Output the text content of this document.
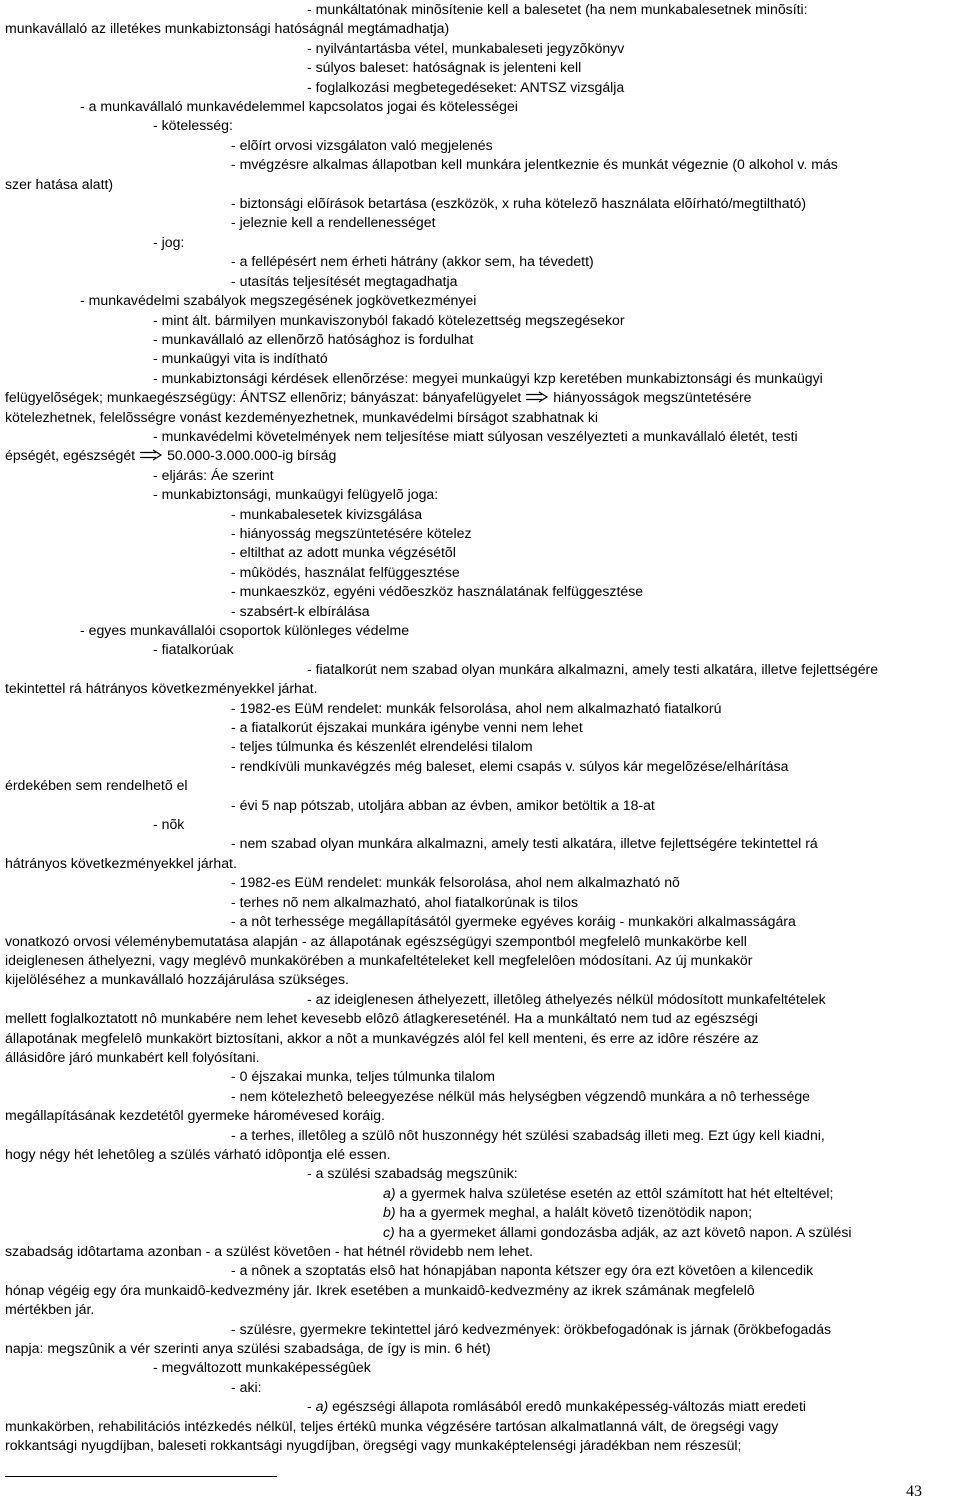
- munkáltatónak minõsítenie kell a balesetet (ha nem munkabalesetnek minõsíti:
munkavállaló az illetékes munkabiztonsági hatóságnál megtámadhatja)
- nyilvántartásba vétel, munkabaleseti jegyzõkönyv
- súlyos baleset: hatóságnak is jelenteni kell
- foglalkozási megbetegedéseket: ANTSZ vizsgálja
- a munkavállaló munkavédelemmel kapcsolatos jogai és kötelességei
- kötelesség:
- elõírt orvosi vizsgálaton való megjelenés
- mvégzésre alkalmas állapotban kell munkára jelentkeznie és munkát végeznie (0 alkohol v. más
szer hatása alatt)
- biztonsági elõírások betartása (eszközök, x ruha kötelezõ használata elõírható/megtiltható)
- jeleznie kell a rendellenességet
- jog:
- a fellépésért nem érheti hátrány (akkor sem, ha tévedett)
- utasítás teljesítését megtagadhatja
- munkavédelmi szabályok megszegésének jogkövetkezményei
- mint ált. bármilyen munkaviszonyból fakadó kötelezettség megszegésekor
- munkavállaló az ellenõrzõ hatósághoz is fordulhat
- munkaügyi vita is indítható
- munkabiztonsági kérdések ellenõrzése: megyei munkaügyi kzp keretében munkabiztonsági és munkaügyi
felügyelõségek; munkaegészségügy: ÁNTSZ ellenõriz; bányászat: bányafelügyelet hiányosságok megszüntetésére
kötelezhetnek, felelõsségre vonást kezdeményezhetnek, munkavédelmi bírságot szabhatnak ki
- munkavédelmi követelmények nem teljesítése miatt súlyosan veszélyezteti a munkavállaló életét, testi
épségét, egészségét 50.000-3.000.000-ig bírság
- eljárás: Áe szerint
- munkabiztonsági, munkaügyi felügyelõ joga:
- munkabalesetek kivizsgálása
- hiányosság megszüntetésére kötelez
- eltilthat az adott munka végzésétõl
- mûködés, használat felfüggesztése
- munkaeszköz, egyéni védõeszköz használatának felfüggesztése
- szabsért-k elbírálása
- egyes munkavállalói csoportok különleges védelme
- fiatalkorúak
- fiatalkorút nem szabad olyan munkára alkalmazni, amely testi alkatára, illetve fejlettségére
tekintettel rá hátrányos következményekkel járhat.
- 1982-es EüM rendelet: munkák felsorolása, ahol nem alkalmazható fiatalkorú
- a fiatalkorút éjszakai munkára igénybe venni nem lehet
- teljes túlmunka és készenlét elrendelési tilalom
- rendkívüli munkavégzés még baleset, elemi csapás v. súlyos kár megelõzése/elhárítása
érdekében sem rendelhetõ el
- évi 5 nap pótszab, utoljára abban az évben, amikor betöltik a 18-at
- nõk
- nem szabad olyan munkára alkalmazni, amely testi alkatára, illetve fejlettségére tekintettel rá
hátrányos következményekkel járhat.
- 1982-es EüM rendelet: munkák felsorolása, ahol nem alkalmazható nõ
- terhes nõ nem alkalmazható, ahol fiatalkorúnak is tilos
- a nôt terhessége megállapításától gyermeke egyéves koráig - munkaköri alkalmasságára
vonatkozó orvosi véleménybemutatása alapján - az állapotának egészségügyi szempontból megfelelô munkakörbe kell
ideiglenesen áthelyezni, vagy meglévô munkakörében a munkafeltételeket kell megfelelôen módosítani. Az új munkakör
kijelöléséhez a munkavállaló hozzájárulása szükséges.
- az ideiglenesen áthelyezett, illetôleg áthelyezés nélkül módosított munkafeltételek
mellett foglalkoztatott nô munkabére nem lehet kevesebb elôzô átlagkereseténél. Ha a munkáltató nem tud az egészségi
állapotának megfelelô munkakört biztosítani, akkor a nôt a munkavégzés alól fel kell menteni, és erre az idôre részére az
állásidôre járó munkabért kell folyósítani.
- 0 éjszakai munka, teljes túlmunka tilalom
- nem kötelezhetô beleegyezése nélkül más helységben végzendô munkára a nô terhessége
megállapításának kezdetétôl gyermeke háromévesed koráig.
- a terhes, illetôleg a szülô nôt huszonnégy hét szülési szabadság illeti meg. Ezt úgy kell kiadni,
hogy négy hét lehetôleg a szülés várható idôpontja elé essen.
- a szülési szabadság megszûnik:
a) a gyermek halva születése esetén az ettôl számított hat hét elteltével;
b) ha a gyermek meghal, a halált követô tizenötödik napon;
c) ha a gyermeket állami gondozásba adják, az azt követô napon. A szülési
szabadság idôtartama azonban - a szülést követôen - hat hétnél rövidebb nem lehet.
- a nônek a szoptatás elsô hat hónapjában naponta kétszer egy óra ezt követôen a kilencedik
hónap végéig egy óra munkaidô-kedvezmény jár. Ikrek esetében a munkaidô-kedvezmény az ikrek számának megfelelô
mértékben jár.
- szülésre, gyermekre tekintettel járó kedvezmények: örökbefogadónak is járnak (õrökbefogadás
napja: megszûnik a vér szerinti anya szülési szabadsága, de így is min. 6 hét)
- megváltozott munkaképességûek
- aki:
- a) egészségi állapota romlásából eredô munkaképesség-változás miatt eredeti
munkakörben, rehabilitációs intézkedés nélkül, teljes értékû munka végzésére tartósan alkalmatlanná vált, de öregségi vagy
rokkantsági nyugdíjban, baleseti rokkantsági nyugdíjban, öregségi vagy munkaképtelenségi járadékban nem részesül;
43
